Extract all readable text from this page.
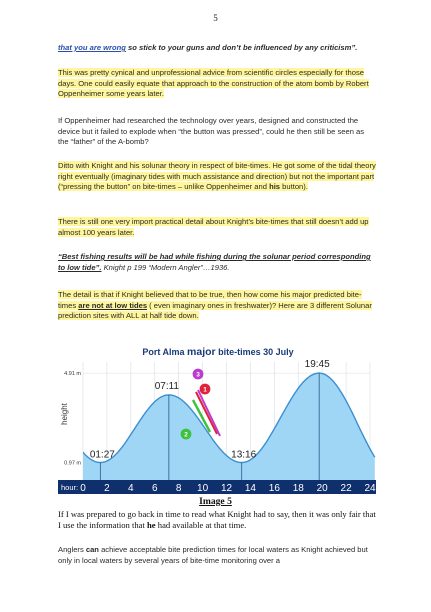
5

that you are wrong so stick to your guns and don’t be influenced by any criticism”.

This was pretty cynical and unprofessional advice from scientific circles especially for those days. One could easily equate that approach to the construction of the atom bomb by Robert Oppenheimer some years later.

If Oppenheimer had researched the technology over years, designed and constructed the device but it failed to explode when “the button was pressed”, could he then still be seen as the “father” of the A-bomb?

Ditto with Knight and his solunar theory in respect of bite-times. He got some of the tidal theory right eventually (imaginary tides with much assistance and direction) but not the important part (“pressing the button” on bite-times – unlike Oppenheimer and his button).

There is still one very import practical detail about Knight’s bite-times that still doesn’t add up almost 100 years later.

“Best fishing results will be had while fishing during the solunar period corresponding to low tide”. Knight p 199 “Modern Angler”…1936.

The detail is that if Knight believed that to be true, then how come his major predicted bite-times are not at low tides ( even imaginary ones in freshwater)? Here are 3 different Solunar prediction sites with ALL at half tide down.

Port Alma major bite-times 30 July
height
4.91 m
0.97 m
01:27
07:11
13:16
19:45
1
2
3
hour: 0 2 4 6 8 10 12 14 16 18 20 22 24
Image 5

If I was prepared to go back in time to read what Knight had to say, then it was only fair that I use the information that he had available at that time.

Anglers can achieve acceptable bite prediction times for local waters as Knight achieved but only in local waters by several years of bite-time monitoring over a
